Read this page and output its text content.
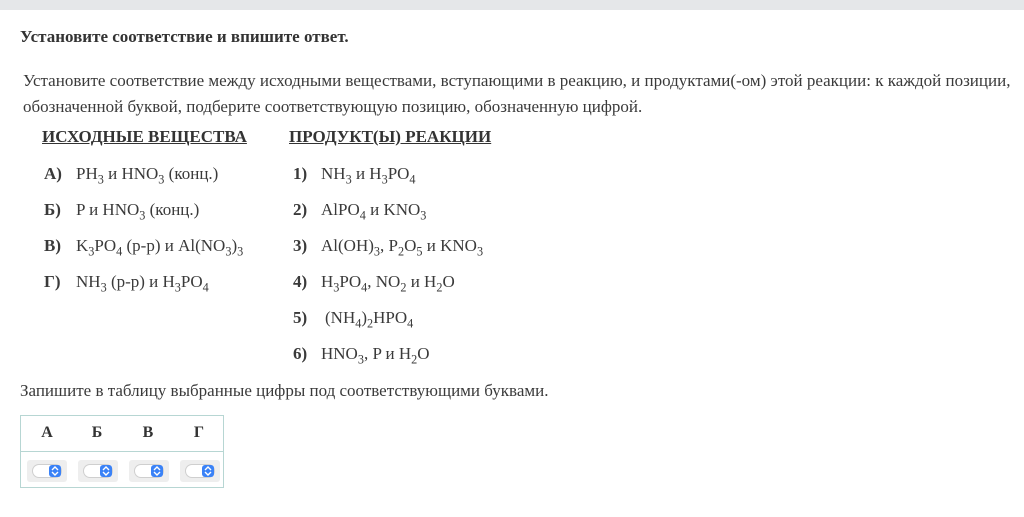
Установите соответствие и впишите ответ.
Установите соответствие между исходными веществами, вступающими в реакцию, и продуктами(-ом) этой реакции: к каждой позиции, обозначенной буквой, подберите соответствующую позицию, обозначенную цифрой.
ИСХОДНЫЕ ВЕЩЕСТВА ПРОДУКТ(Ы) РЕАКЦИИ
А) $PH_3$ и $HNO_3$ (конц.)
Б) P и $HNO_3$ (конц.)
В) $K_3PO_4$ (р-р) и $Al(NO_3)_3$
Г) $NH_3$ (р-р) и $H_3PO_4$
1) $NH_3$ и $H_3PO_4$
2) AlPO$_4$ и $KNO_3$
3) $Al(OH)_3$, $P_2O_5$ и $KNO_3$
4) $H_3PO_4$, $NO_2$ и $H_2O$
5) $(NH_4)_2HPO_4$
6) $HNO_3$, P и $H_2O$
Запишите в таблицу выбранные цифры под соответствующими буквами.
А	Б	В	Г
